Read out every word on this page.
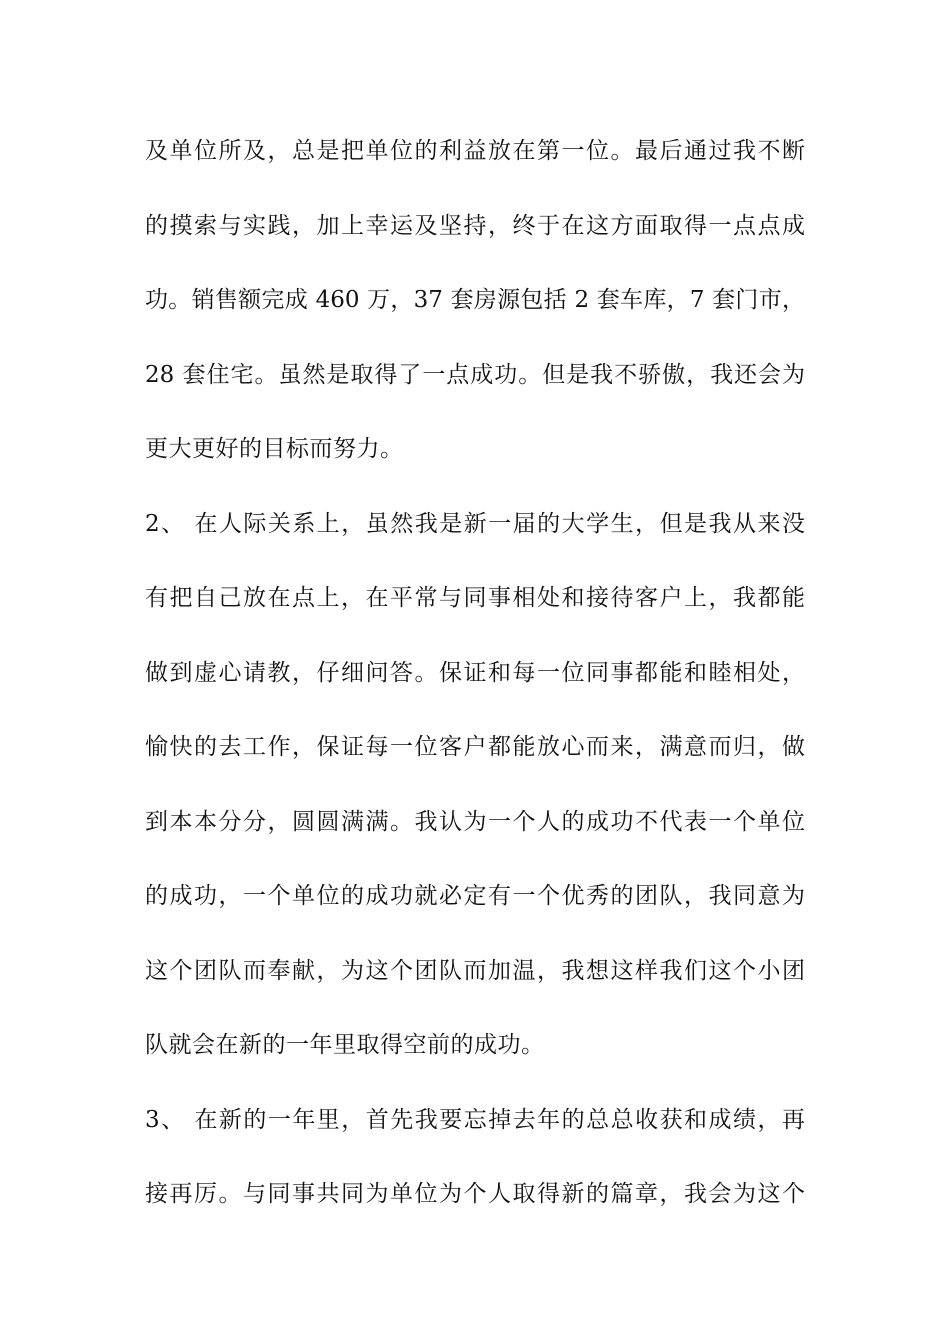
及单位所及，总是把单位的利益放在第一位。最后通过我不断
的摸索与实践，加上幸运及坚持，终于在这方面取得一点点成
功。销售额完成 460 万，37 套房源包括 2 套车库，7 套门市，
28 套住宅。虽然是取得了一点成功。但是我不骄傲，我还会为
更大更好的目标而努力。
2、 在人际关系上，虽然我是新一届的大学生，但是我从来没
有把自己放在点上，在平常与同事相处和接待客户上，我都能
做到虚心请教，仔细问答。保证和每一位同事都能和睦相处，
愉快的去工作，保证每一位客户都能放心而来，满意而归，做
到本本分分，圆圆满满。我认为一个人的成功不代表一个单位
的成功，一个单位的成功就必定有一个优秀的团队，我同意为
这个团队而奉献，为这个团队而加温，我想这样我们这个小团
队就会在新的一年里取得空前的成功。
3、 在新的一年里，首先我要忘掉去年的总总收获和成绩，再
接再厉。与同事共同为单位为个人取得新的篇章，我会为这个
